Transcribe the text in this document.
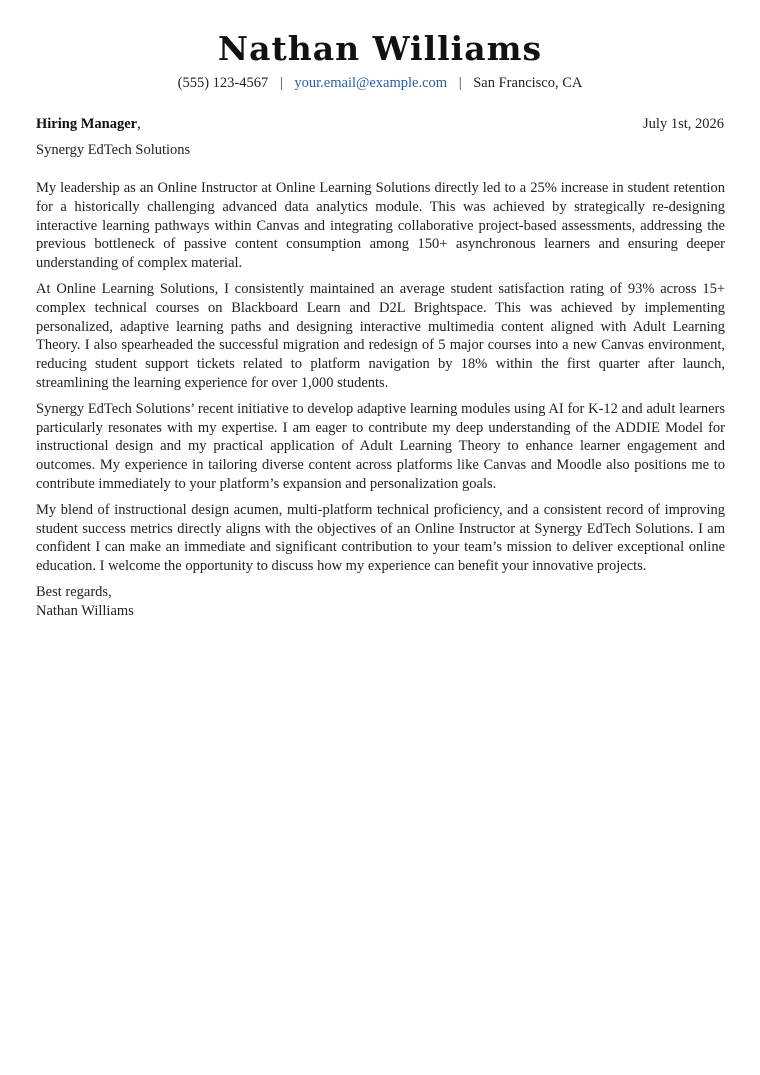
Nathan Williams
(555) 123-4567 | your.email@example.com | San Francisco, CA
Hiring Manager,	July 1st, 2026
Synergy EdTech Solutions

My leadership as an Online Instructor at Online Learning Solutions directly led to a 25% increase in student retention for a historically challenging advanced data analytics module. This was achieved by strategically re-designing interactive learning pathways within Canvas and integrating collaborative project-based assessments, addressing the previous bottleneck of passive content consumption among 150+ asynchronous learners and ensuring deeper understanding of complex material.

At Online Learning Solutions, I consistently maintained an average student satisfaction rating of 93% across 15+ complex technical courses on Blackboard Learn and D2L Brightspace. This was achieved by implementing personalized, adaptive learning paths and designing interactive multimedia content aligned with Adult Learning Theory. I also spearheaded the successful migration and redesign of 5 major courses into a new Canvas environment, reducing student support tickets related to platform navigation by 18% within the first quarter after launch, streamlining the learning experience for over 1,000 students.

Synergy EdTech Solutions’ recent initiative to develop adaptive learning modules using AI for K-12 and adult learners particularly resonates with my expertise. I am eager to contribute my deep understanding of the ADDIE Model for instructional design and my practical application of Adult Learning Theory to enhance learner engagement and outcomes. My experience in tailoring diverse content across platforms like Canvas and Moodle also positions me to contribute immediately to your platform’s expansion and personalization goals.

My blend of instructional design acumen, multi-platform technical proficiency, and a consistent record of improving student success metrics directly aligns with the objectives of an Online Instructor at Synergy EdTech Solutions. I am confident I can make an immediate and significant contribution to your team’s mission to deliver exceptional online education. I welcome the opportunity to discuss how my experience can benefit your innovative projects.

Best regards,
Nathan Williams
